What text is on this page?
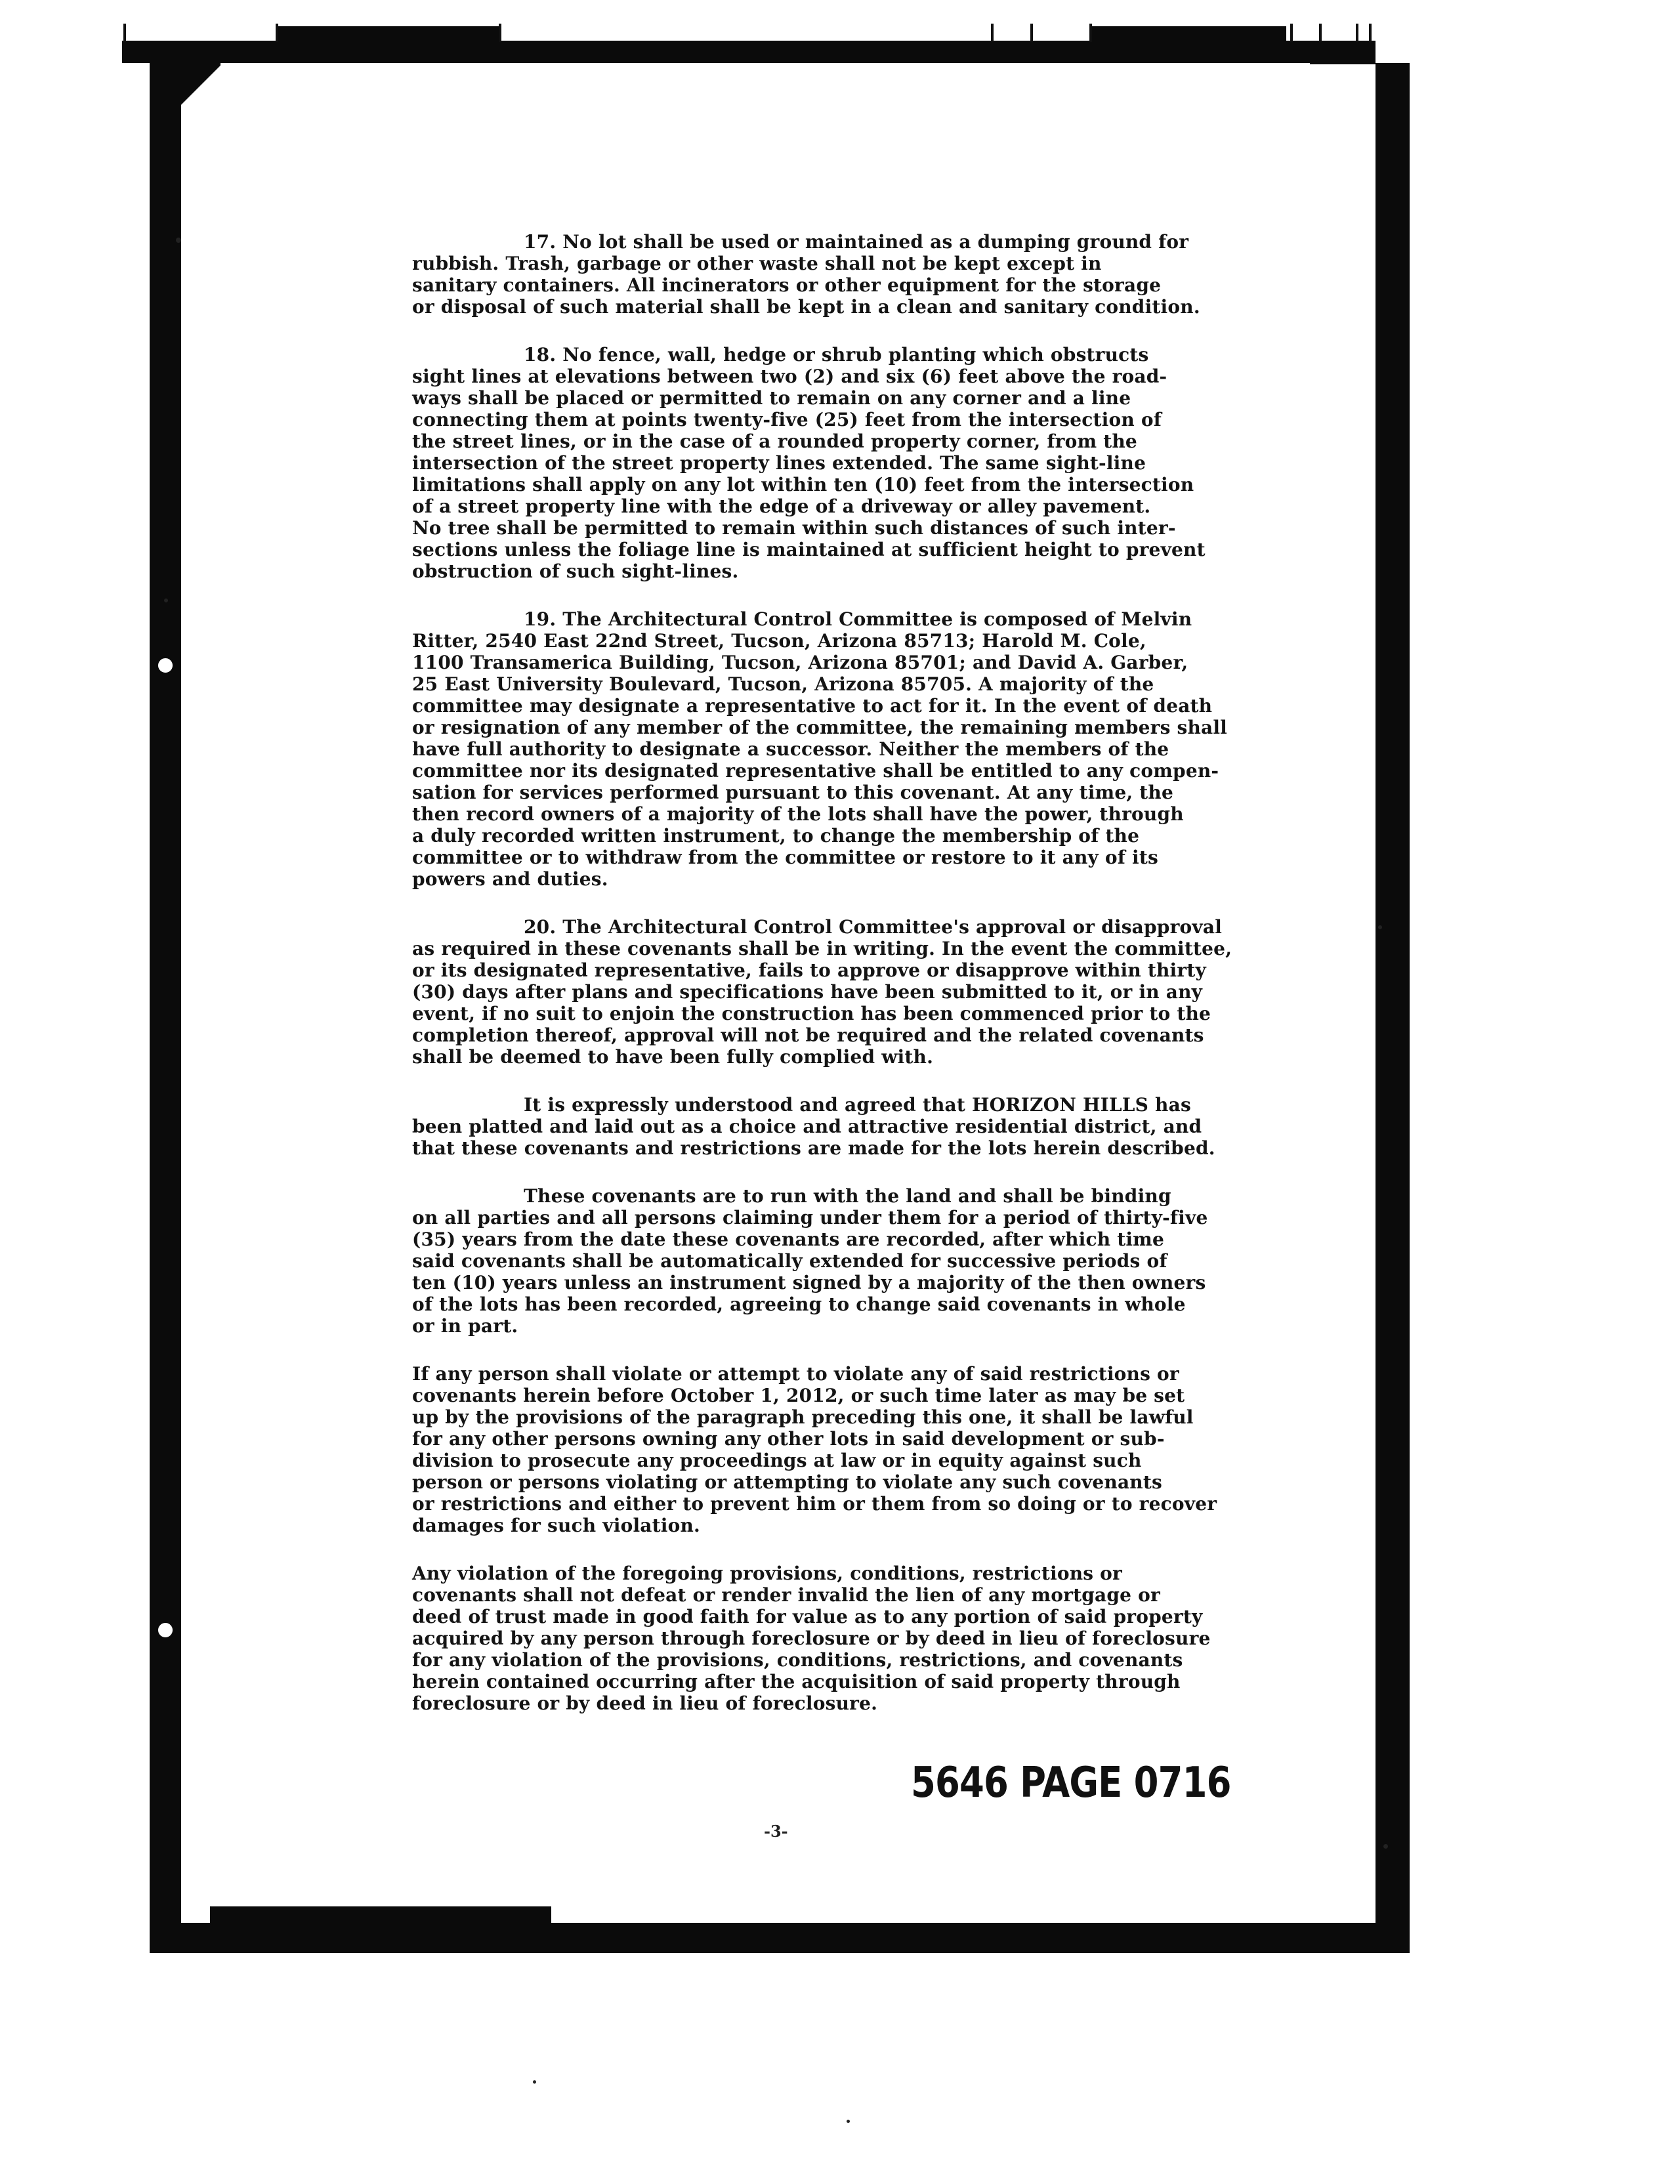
17. No lot shall be used or maintained as a dumping ground for
rubbish. Trash, garbage or other waste shall not be kept except in
sanitary containers. All incinerators or other equipment for the storage
or disposal of such material shall be kept in a clean and sanitary condition.
18. No fence, wall, hedge or shrub planting which obstructs
sight lines at elevations between two (2) and six (6) feet above the road-
ways shall be placed or permitted to remain on any corner and a line
connecting them at points twenty-five (25) feet from the intersection of
the street lines, or in the case of a rounded property corner, from the
intersection of the street property lines extended. The same sight-line
limitations shall apply on any lot within ten (10) feet from the intersection
of a street property line with the edge of a driveway or alley pavement.
No tree shall be permitted to remain within such distances of such inter-
sections unless the foliage line is maintained at sufficient height to prevent
obstruction of such sight-lines.
19. The Architectural Control Committee is composed of Melvin
Ritter, 2540 East 22nd Street, Tucson, Arizona 85713; Harold M. Cole,
1100 Transamerica Building, Tucson, Arizona 85701; and David A. Garber,
25 East University Boulevard, Tucson, Arizona 85705. A majority of the
committee may designate a representative to act for it. In the event of death
or resignation of any member of the committee, the remaining members shall
have full authority to designate a successor. Neither the members of the
committee nor its designated representative shall be entitled to any compen-
sation for services performed pursuant to this covenant. At any time, the
then record owners of a majority of the lots shall have the power, through
a duly recorded written instrument, to change the membership of the
committee or to withdraw from the committee or restore to it any of its
powers and duties.
20. The Architectural Control Committee's approval or disapproval
as required in these covenants shall be in writing. In the event the committee,
or its designated representative, fails to approve or disapprove within thirty
(30) days after plans and specifications have been submitted to it, or in any
event, if no suit to enjoin the construction has been commenced prior to the
completion thereof, approval will not be required and the related covenants
shall be deemed to have been fully complied with.
It is expressly understood and agreed that HORIZON HILLS has
been platted and laid out as a choice and attractive residential district, and
that these covenants and restrictions are made for the lots herein described.
These covenants are to run with the land and shall be binding
on all parties and all persons claiming under them for a period of thirty-five
(35) years from the date these covenants are recorded, after which time
said covenants shall be automatically extended for successive periods of
ten (10) years unless an instrument signed by a majority of the then owners
of the lots has been recorded, agreeing to change said covenants in whole
or in part.
If any person shall violate or attempt to violate any of said restrictions or
covenants herein before October 1, 2012, or such time later as may be set
up by the provisions of the paragraph preceding this one, it shall be lawful
for any other persons owning any other lots in said development or sub-
division to prosecute any proceedings at law or in equity against such
person or persons violating or attempting to violate any such covenants
or restrictions and either to prevent him or them from so doing or to recover
damages for such violation.
Any violation of the foregoing provisions, conditions, restrictions or
covenants shall not defeat or render invalid the lien of any mortgage or
deed of trust made in good faith for value as to any portion of said property
acquired by any person through foreclosure or by deed in lieu of foreclosure
for any violation of the provisions, conditions, restrictions, and covenants
herein contained occurring after the acquisition of said property through
foreclosure or by deed in lieu of foreclosure.
5646 PAGE 0716
-3-
